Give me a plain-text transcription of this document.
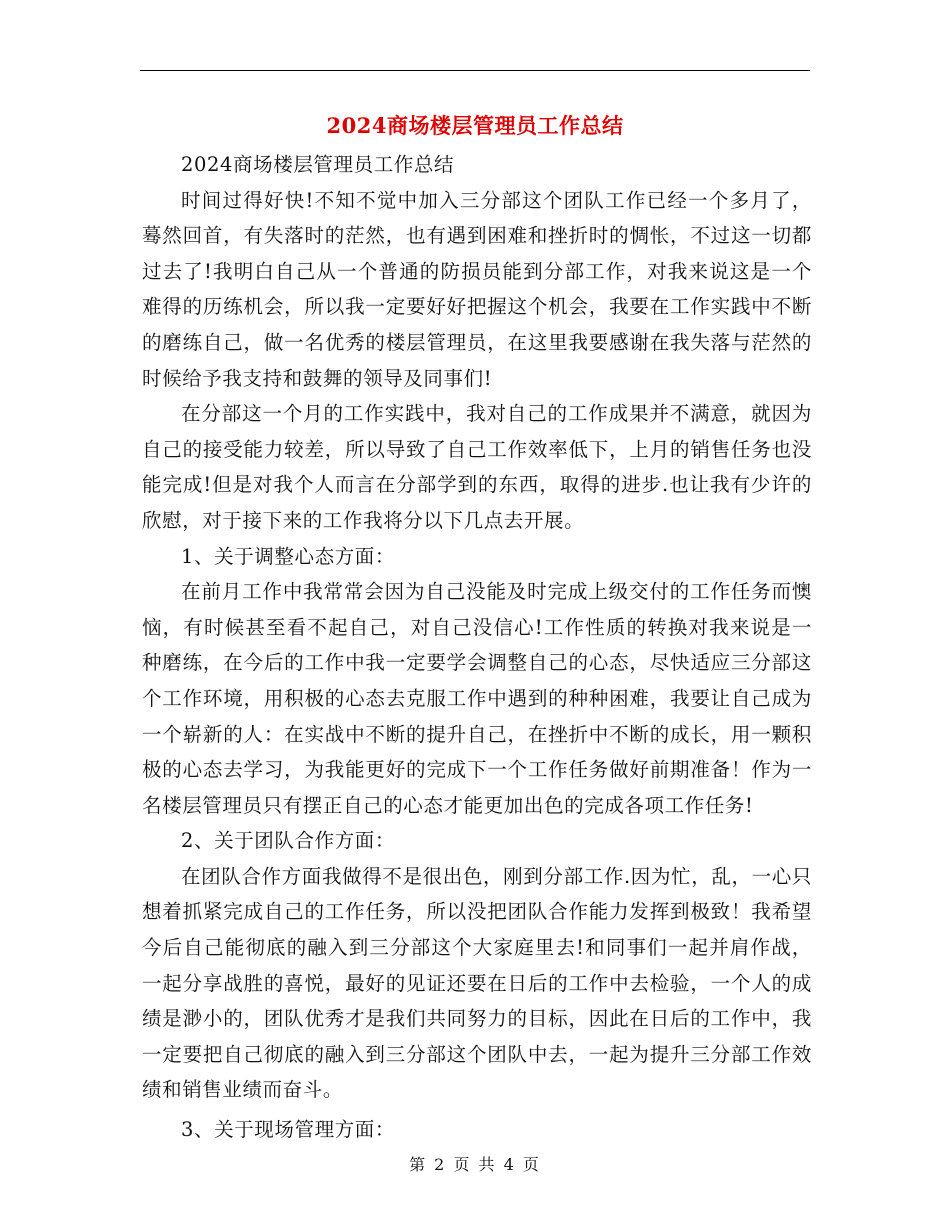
2024商场楼层管理员工作总结

2024商场楼层管理员工作总结

时间过得好快!不知不觉中加入三分部这个团队工作已经一个多月了，蓦然回首，有失落时的茫然，也有遇到困难和挫折时的惆怅，不过这一切都过去了!我明白自己从一个普通的防损员能到分部工作，对我来说这是一个难得的历练机会，所以我一定要好好把握这个机会，我要在工作实践中不断的磨练自己，做一名优秀的楼层管理员，在这里我要感谢在我失落与茫然的时候给予我支持和鼓舞的领导及同事们!

在分部这一个月的工作实践中，我对自己的工作成果并不满意，就因为自己的接受能力较差，所以导致了自己工作效率低下，上月的销售任务也没能完成!但是对我个人而言在分部学到的东西，取得的进步.也让我有少许的欣慰，对于接下来的工作我将分以下几点去开展。

1、关于调整心态方面：

在前月工作中我常常会因为自己没能及时完成上级交付的工作任务而懊恼，有时候甚至看不起自己，对自己没信心!工作性质的转换对我来说是一种磨练，在今后的工作中我一定要学会调整自己的心态，尽快适应三分部这个工作环境，用积极的心态去克服工作中遇到的种种困难，我要让自己成为一个崭新的人：在实战中不断的提升自己，在挫折中不断的成长，用一颗积极的心态去学习，为我能更好的完成下一个工作任务做好前期准备！作为一名楼层管理员只有摆正自己的心态才能更加出色的完成各项工作任务!

2、关于团队合作方面：

在团队合作方面我做得不是很出色，刚到分部工作.因为忙，乱，一心只想着抓紧完成自己的工作任务，所以没把团队合作能力发挥到极致！我希望今后自己能彻底的融入到三分部这个大家庭里去!和同事们一起并肩作战，一起分享战胜的喜悦，最好的见证还要在日后的工作中去检验，一个人的成绩是渺小的，团队优秀才是我们共同努力的目标，因此在日后的工作中，我一定要把自己彻底的融入到三分部这个团队中去，一起为提升三分部工作效绩和销售业绩而奋斗。

3、关于现场管理方面：

第 2 页 共 4 页
